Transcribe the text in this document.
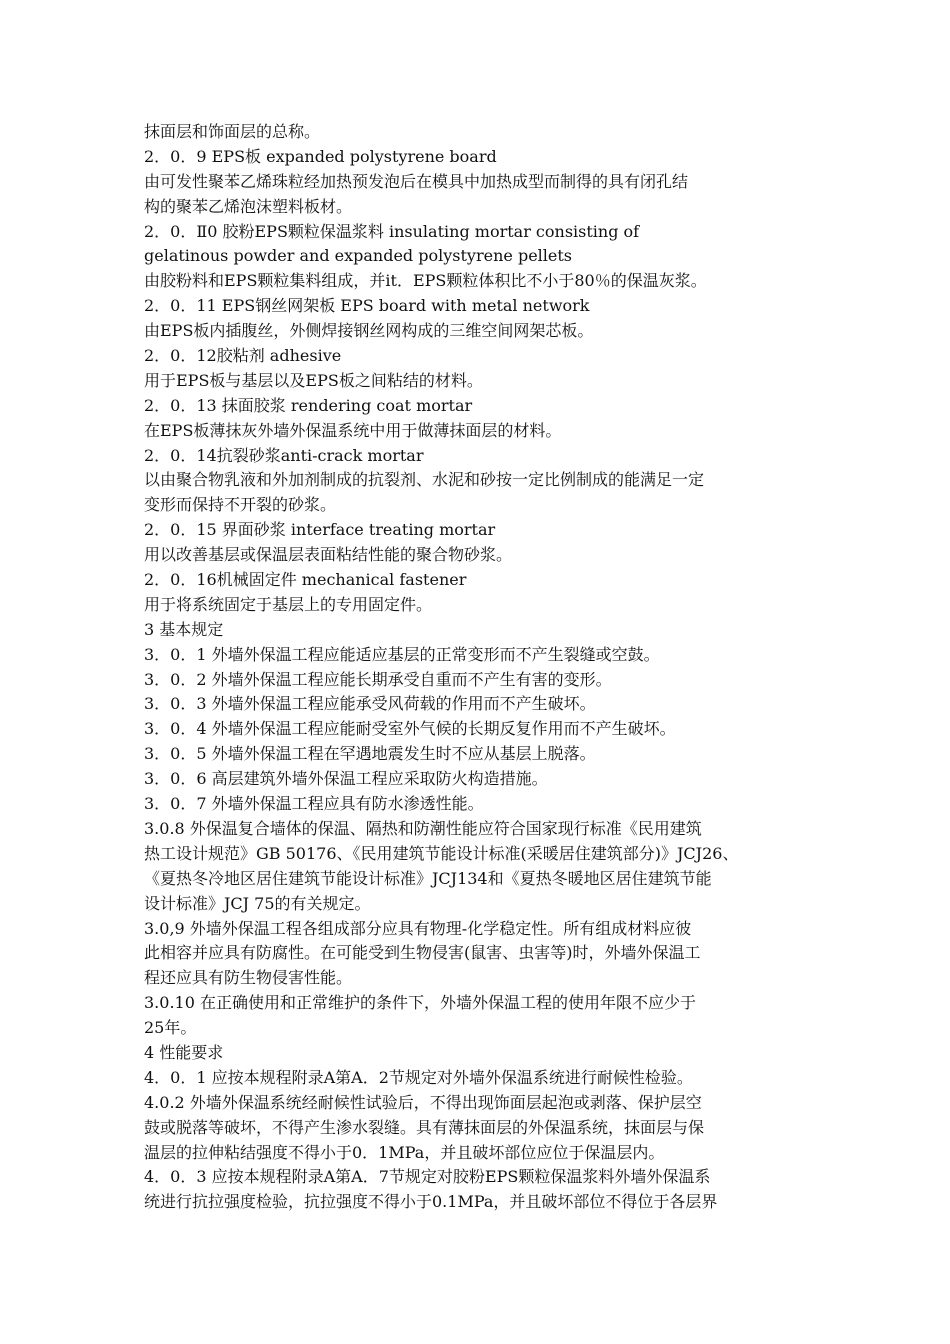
抹面层和饰面层的总称。
2．0．9 EPS板 expanded polystyrene board
由可发性聚苯乙烯珠粒经加热预发泡后在模具中加热成型而制得的具有闭孔结
构的聚苯乙烯泡沫塑料板材。
2．0．Ⅱ0 胶粉EPS颗粒保温浆料 insulating mortar consisting of
gelatinous powder and expanded polystyrene pellets
由胶粉料和EPS颗粒集料组成，并it．EPS颗粒体积比不小于80％的保温灰浆。
2．0．11 EPS钢丝网架板 EPS board with metal network
由EPS板内插腹丝，外侧焊接钢丝网构成的三维空间网架芯板。
2．0．12胶粘剂 adhesive
用于EPS板与基层以及EPS板之间粘结的材料。
2．0．13 抹面胶浆 rendering coat mortar
在EPS板薄抹灰外墙外保温系统中用于做薄抹面层的材料。
2．0．14抗裂砂浆anti-crack mortar
以由聚合物乳液和外加剂制成的抗裂剂、水泥和砂按一定比例制成的能满足一定
变形而保持不开裂的砂浆。
2．0．15 界面砂浆 interface treating mortar
用以改善基层或保温层表面粘结性能的聚合物砂浆。
2．0．16机械固定件 mechanical fastener
用于将系统固定于基层上的专用固定件。
3 基本规定
3．0．1 外墙外保温工程应能适应基层的正常变形而不产生裂缝或空鼓。
3．0．2 外墙外保温工程应能长期承受自重而不产生有害的变形。
3．0．3 外墙外保温工程应能承受风荷载的作用而不产生破坏。
3．0．4 外墙外保温工程应能耐受室外气候的长期反复作用而不产生破坏。
3．0．5 外墙外保温工程在罕遇地震发生时不应从基层上脱落。
3．0．6 高层建筑外墙外保温工程应采取防火构造措施。
3．0．7 外墙外保温工程应具有防水渗透性能。
3.0.8 外保温复合墙体的保温、隔热和防潮性能应符合国家现行标准《民用建筑
热工设计规范》GB 50176、《民用建筑节能设计标准(采暖居住建筑部分)》JCJ26、
《夏热冬冷地区居住建筑节能设计标准》JCJ134和《夏热冬暖地区居住建筑节能
设计标准》JCJ 75的有关规定。
3.0,9 外墙外保温工程各组成部分应具有物理-化学稳定性。所有组成材料应彼
此相容并应具有防腐性。在可能受到生物侵害(鼠害、虫害等)时，外墙外保温工
程还应具有防生物侵害性能。
3.0.10 在正确使用和正常维护的条件下，外墙外保温工程的使用年限不应少于
25年。
4 性能要求
4．0．1 应按本规程附录A第A．2节规定对外墙外保温系统进行耐候性检验。
4.0.2 外墙外保温系统经耐候性试验后，不得出现饰面层起泡或剥落、保护层空
鼓或脱落等破坏，不得产生渗水裂缝。具有薄抹面层的外保温系统，抹面层与保
温层的拉伸粘结强度不得小于0．1MPa，并且破坏部位应位于保温层内。
4．0．3 应按本规程附录A第A．7节规定对胶粉EPS颗粒保温浆料外墙外保温系
统进行抗拉强度检验，抗拉强度不得小于0.1MPa，并且破坏部位不得位于各层界
